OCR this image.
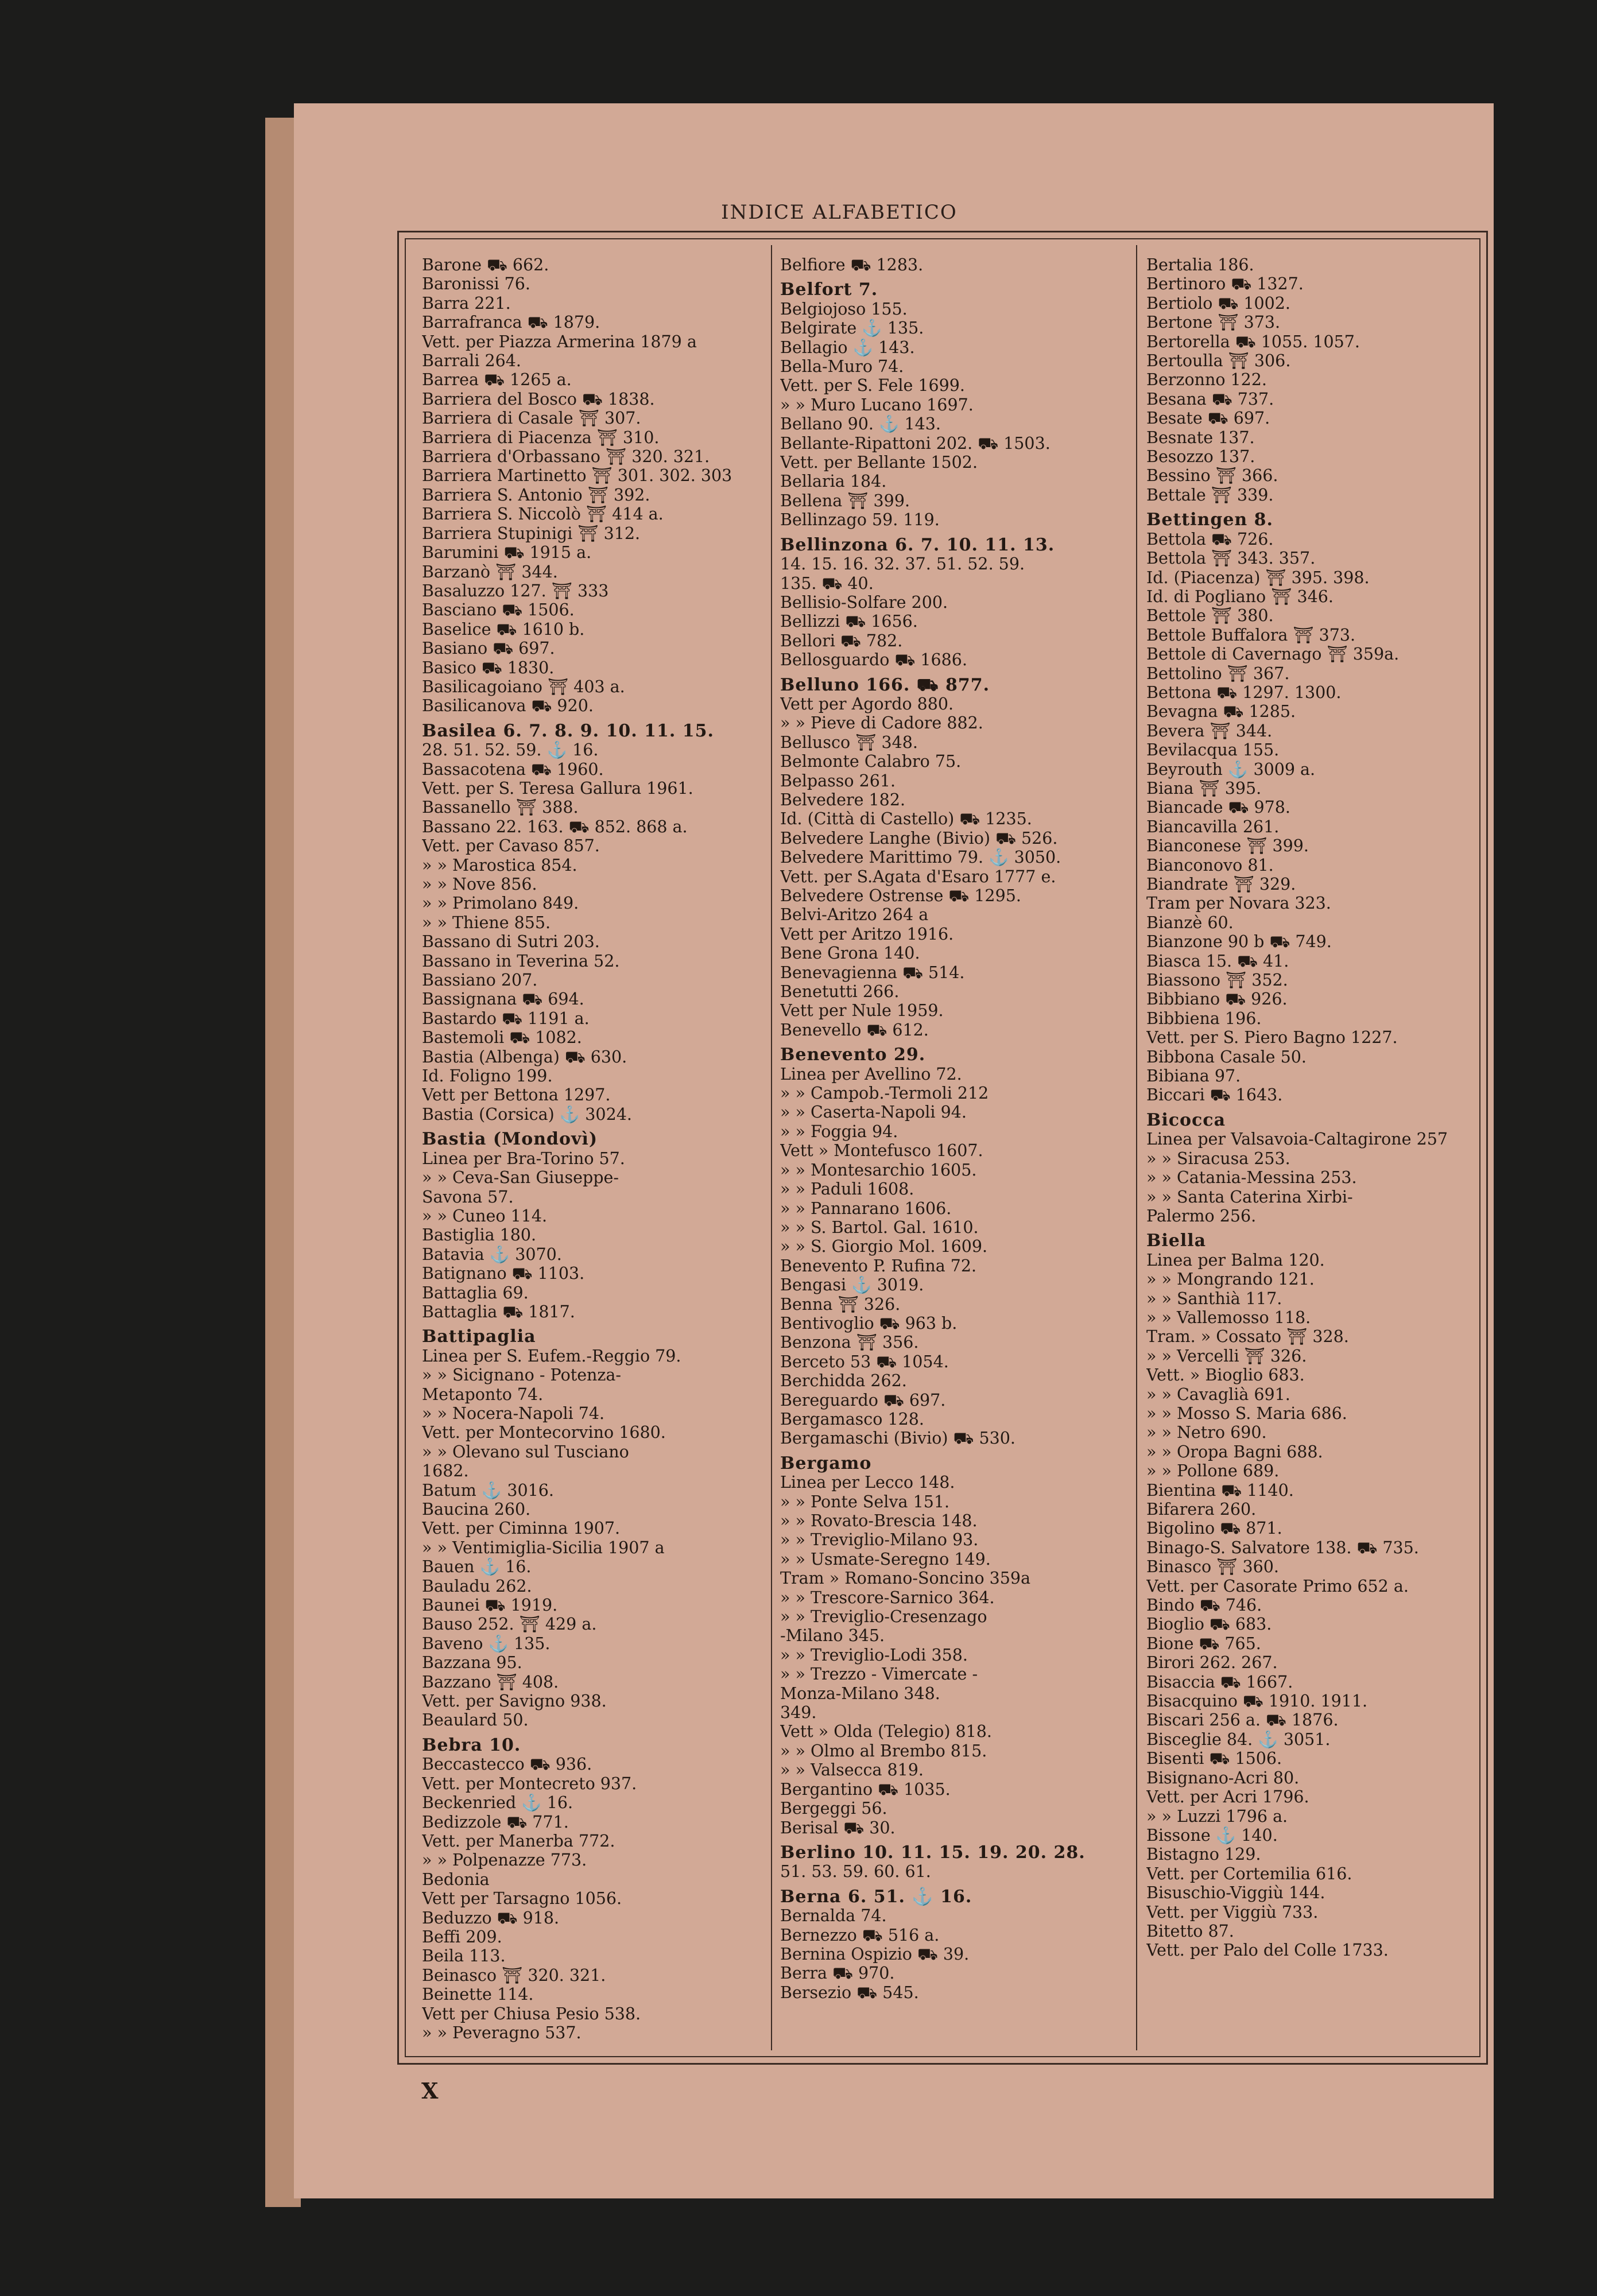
INDICE ALFABETICO
Barone ⛟ 662.
Baronissi 76.
Barra 221.
Barrafranca ⛟ 1879.
Vett. per Piazza Armerina 1879 a
Barrali 264.
Barrea ⛟ 1265 a.
Barriera del Bosco ⛟ 1838.
Barriera di Casale ⛩ 307.
Barriera di Piacenza ⛩ 310.
Barriera d'Orbassano ⛩ 320. 321.
Barriera Martinetto ⛩ 301. 302. 303
Barriera S. Antonio ⛩ 392.
Barriera S. Niccolò ⛩ 414 a.
Barriera Stupinigi ⛩ 312.
Barumini ⛟ 1915 a.
Barzanò ⛩ 344.
Basaluzzo 127. ⛩ 333
Basciano ⛟ 1506.
Baselice ⛟ 1610 b.
Basiano ⛟ 697.
Basico ⛟ 1830.
Basilicagoiano ⛩ 403 a.
Basilicanova ⛟ 920.
Basilea 6. 7. 8. 9. 10. 11. 15.
28. 51. 52. 59. ⚓ 16.
Bassacotena ⛟ 1960.
Vett. per S. Teresa Gallura 1961.
Bassanello ⛩ 388.
Bassano 22. 163. ⛟ 852. 868 a.
Vett. per Cavaso 857.
» » Marostica 854.
» » Nove 856.
» » Primolano 849.
» » Thiene 855.
Bassano di Sutri 203.
Bassano in Teverina 52.
Bassiano 207.
Bassignana ⛟ 694.
Bastardo ⛟ 1191 a.
Bastemoli ⛟ 1082.
Bastia (Albenga) ⛟ 630.
Id. Foligno 199.
Vett per Bettona 1297.
Bastia (Corsica) ⚓ 3024.
Bastia (Mondovì)
Linea per Bra-Torino 57.
» » Ceva-San Giuseppe-
Savona 57.
» » Cuneo 114.
Bastiglia 180.
Batavia ⚓ 3070.
Batignano ⛟ 1103.
Battaglia 69.
Battaglia ⛟ 1817.
Battipaglia
Linea per S. Eufem.-Reggio 79.
» » Sicignano - Potenza-
Metaponto 74.
» » Nocera-Napoli 74.
Vett. per Montecorvino 1680.
» » Olevano sul Tusciano
1682.
Batum ⚓ 3016.
Baucina 260.
Vett. per Ciminna 1907.
» » Ventimiglia-Sicilia 1907 a
Bauen ⚓ 16.
Bauladu 262.
Baunei ⛟ 1919.
Bauso 252. ⛩ 429 a.
Baveno ⚓ 135.
Bazzana 95.
Bazzano ⛩ 408.
Vett. per Savigno 938.
Beaulard 50.
Bebra 10.
Beccastecco ⛟ 936.
Vett. per Montecreto 937.
Beckenried ⚓ 16.
Bedizzole ⛟ 771.
Vett. per Manerba 772.
» » Polpenazze 773.
Bedonia
Vett per Tarsagno 1056.
Beduzzo ⛟ 918.
Beffi 209.
Beila 113.
Beinasco ⛩ 320. 321.
Beinette 114.
Vett per Chiusa Pesio 538.
» » Peveragno 537.
Belfiore ⛟ 1283.
Belfort 7.
Belgiojoso 155.
Belgirate ⚓ 135.
Bellagio ⚓ 143.
Bella-Muro 74.
Vett. per S. Fele 1699.
» » Muro Lucano 1697.
Bellano 90. ⚓ 143.
Bellante-Ripattoni 202. ⛟ 1503.
Vett. per Bellante 1502.
Bellaria 184.
Bellena ⛩ 399.
Bellinzago 59. 119.
Bellinzona 6. 7. 10. 11. 13.
14. 15. 16. 32. 37. 51. 52. 59.
135. ⛟ 40.
Bellisio-Solfare 200.
Bellizzi ⛟ 1656.
Bellori ⛟ 782.
Bellosguardo ⛟ 1686.
Belluno 166. ⛟ 877.
Vett per Agordo 880.
» » Pieve di Cadore 882.
Bellusco ⛩ 348.
Belmonte Calabro 75.
Belpasso 261.
Belvedere 182.
Id. (Città di Castello) ⛟ 1235.
Belvedere Langhe (Bivio) ⛟ 526.
Belvedere Marittimo 79. ⚓ 3050.
Vett. per S.Agata d'Esaro 1777 e.
Belvedere Ostrense ⛟ 1295.
Belvi-Aritzo 264 a
Vett per Aritzo 1916.
Bene Grona 140.
Benevagienna ⛟ 514.
Benetutti 266.
Vett per Nule 1959.
Benevello ⛟ 612.
Benevento 29.
Linea per Avellino 72.
» » Campob.-Termoli 212
» » Caserta-Napoli 94.
» » Foggia 94.
Vett » Montefusco 1607.
» » Montesarchio 1605.
» » Paduli 1608.
» » Pannarano 1606.
» » S. Bartol. Gal. 1610.
» » S. Giorgio Mol. 1609.
Benevento P. Rufina 72.
Bengasi ⚓ 3019.
Benna ⛩ 326.
Bentivoglio ⛟ 963 b.
Benzona ⛩ 356.
Berceto 53 ⛟ 1054.
Berchidda 262.
Bereguardo ⛟ 697.
Bergamasco 128.
Bergamaschi (Bivio) ⛟ 530.
Bergamo
Linea per Lecco 148.
» » Ponte Selva 151.
» » Rovato-Brescia 148.
» » Treviglio-Milano 93.
» » Usmate-Seregno 149.
Tram » Romano-Soncino 359a
» » Trescore-Sarnico 364.
» » Treviglio-Cresenzago
-Milano 345.
» » Treviglio-Lodi 358.
» » Trezzo - Vimercate -
Monza-Milano 348.
349.
Vett » Olda (Telegio) 818.
» » Olmo al Brembo 815.
» » Valsecca 819.
Bergantino ⛟ 1035.
Bergeggi 56.
Berisal ⛟ 30.
Berlino 10. 11. 15. 19. 20. 28.
51. 53. 59. 60. 61.
Berna 6. 51. ⚓ 16.
Bernalda 74.
Bernezzo ⛟ 516 a.
Bernina Ospizio ⛟ 39.
Berra ⛟ 970.
Bersezio ⛟ 545.
Bertalia 186.
Bertinoro ⛟ 1327.
Bertiolo ⛟ 1002.
Bertone ⛩ 373.
Bertorella ⛟ 1055. 1057.
Bertoulla ⛩ 306.
Berzonno 122.
Besana ⛟ 737.
Besate ⛟ 697.
Besnate 137.
Besozzo 137.
Bessino ⛩ 366.
Bettale ⛩ 339.
Bettingen 8.
Bettola ⛟ 726.
Bettola ⛩ 343. 357.
Id. (Piacenza) ⛩ 395. 398.
Id. di Pogliano ⛩ 346.
Bettole ⛩ 380.
Bettole Buffalora ⛩ 373.
Bettole di Cavernago ⛩ 359a.
Bettolino ⛩ 367.
Bettona ⛟ 1297. 1300.
Bevagna ⛟ 1285.
Bevera ⛩ 344.
Bevilacqua 155.
Beyrouth ⚓ 3009 a.
Biana ⛩ 395.
Biancade ⛟ 978.
Biancavilla 261.
Bianconese ⛩ 399.
Bianconovo 81.
Biandrate ⛩ 329.
Tram per Novara 323.
Bianzè 60.
Bianzone 90 b ⛟ 749.
Biasca 15. ⛟ 41.
Biassono ⛩ 352.
Bibbiano ⛟ 926.
Bibbiena 196.
Vett. per S. Piero Bagno 1227.
Bibbona Casale 50.
Bibiana 97.
Biccari ⛟ 1643.
Bicocca
Linea per Valsavoia-Caltagirone 257
» » Siracusa 253.
» » Catania-Messina 253.
» » Santa Caterina Xirbi-
Palermo 256.
Biella
Linea per Balma 120.
» » Mongrando 121.
» » Santhià 117.
» » Vallemosso 118.
Tram. » Cossato ⛩ 328.
» » Vercelli ⛩ 326.
Vett. » Bioglio 683.
» » Cavaglià 691.
» » Mosso S. Maria 686.
» » Netro 690.
» » Oropa Bagni 688.
» » Pollone 689.
Bientina ⛟ 1140.
Bifarera 260.
Bigolino ⛟ 871.
Binago-S. Salvatore 138. ⛟ 735.
Binasco ⛩ 360.
Vett. per Casorate Primo 652 a.
Bindo ⛟ 746.
Bioglio ⛟ 683.
Bione ⛟ 765.
Birori 262. 267.
Bisaccia ⛟ 1667.
Bisacquino ⛟ 1910. 1911.
Biscari 256 a. ⛟ 1876.
Bisceglie 84. ⚓ 3051.
Bisenti ⛟ 1506.
Bisignano-Acri 80.
Vett. per Acri 1796.
» » Luzzi 1796 a.
Bissone ⚓ 140.
Bistagno 129.
Vett. per Cortemilia 616.
Bisuschio-Viggiù 144.
Vett. per Viggiù 733.
Bitetto 87.
Vett. per Palo del Colle 1733.
X
